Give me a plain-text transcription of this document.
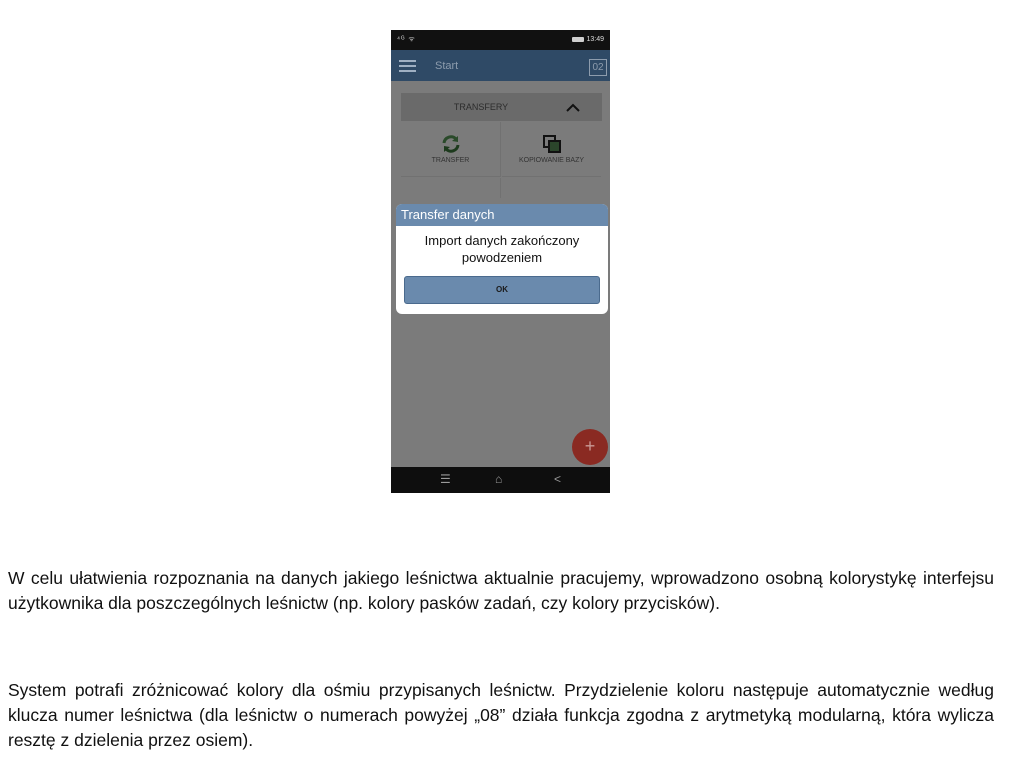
⁴ᴳ ᯤ	13:49
Start	02
TRANSFERY
TRANSFER	KOPIOWANIE BAZY
+
☰	⌂	<
Transfer danych
Import danych zakończony powodzeniem
OK
W celu ułatwienia rozpoznania na danych jakiego leśnictwa aktualnie pracujemy, wprowadzono osobną kolorystykę interfejsu użytkownika dla poszczególnych leśnictw (np. kolory pasków zadań, czy kolory przycisków).
System potrafi zróżnicować kolory dla ośmiu przypisanych leśnictw. Przydzielenie koloru następuje automatycznie według klucza numer leśnictwa (dla leśnictw o numerach powyżej „08” działa funkcja zgodna z arytmetyką modularną, która wylicza resztę z dzielenia przez osiem).
